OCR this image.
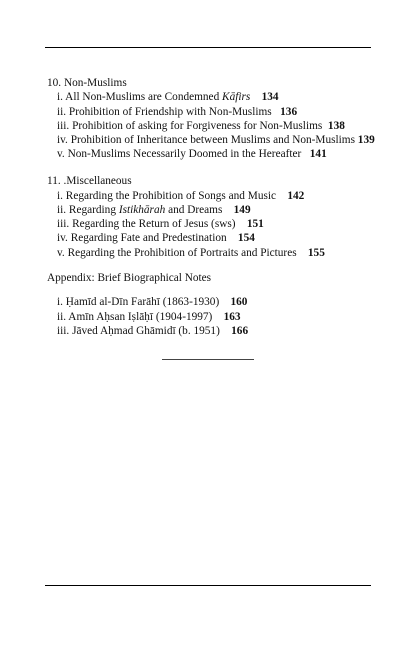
10. Non-Muslims
i. All Non-Muslims are Condemned Kāfirs 134
ii. Prohibition of Friendship with Non-Muslims 136
iii. Prohibition of asking for Forgiveness for Non-Muslims 138
iv. Prohibition of Inheritance between Muslims and Non-Muslims 139
v. Non-Muslims Necessarily Doomed in the Hereafter 141
11. .Miscellaneous
i. Regarding the Prohibition of Songs and Music 142
ii. Regarding Istikhārah and Dreams 149
iii. Regarding the Return of Jesus (sws) 151
iv. Regarding Fate and Predestination 154
v. Regarding the Prohibition of Portraits and Pictures 155
Appendix: Brief Biographical Notes
i. Ḥamīd al-Dīn Farāhī (1863-1930) 160
ii. Amīn Aḥsan Iṣlāḥī (1904-1997) 163
iii. Jāved Aḥmad Ghāmidī (b. 1951) 166
